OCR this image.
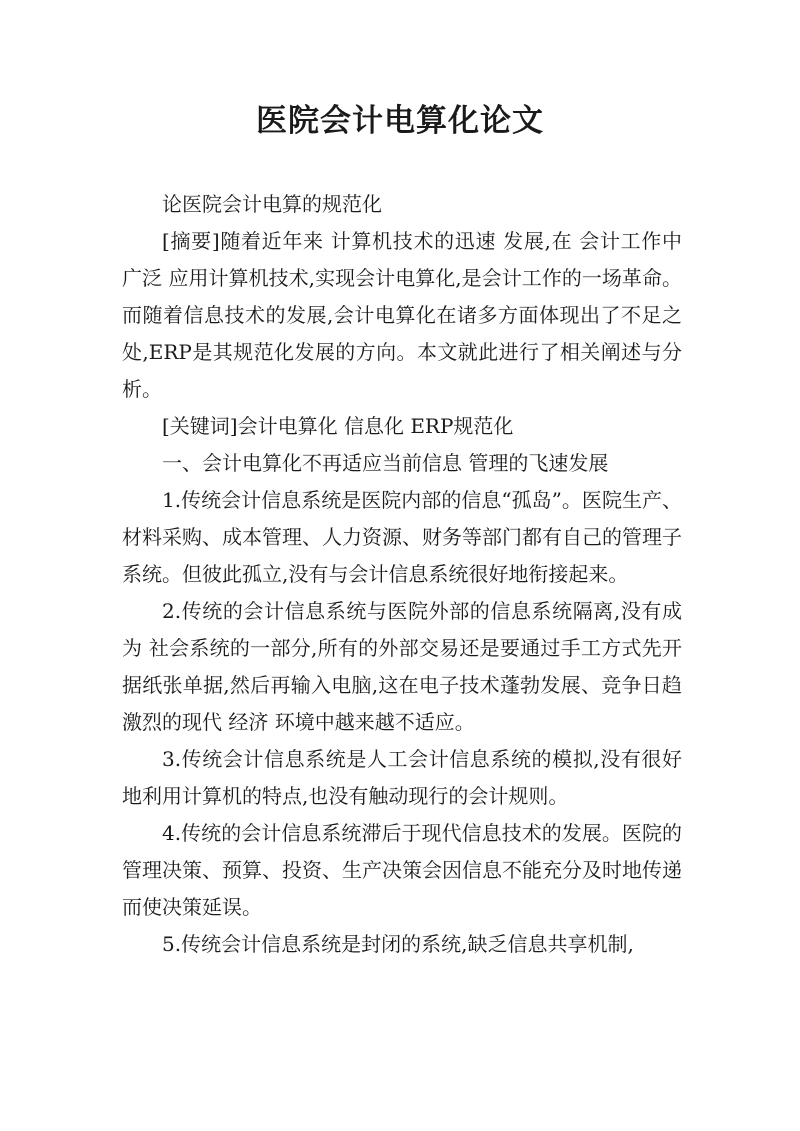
医院会计电算化论文

论医院会计电算的规范化

[摘要]随着近年来 计算机技术的迅速 发展,在 会计工作中广泛 应用计算机技术,实现会计电算化,是会计工作的一场革命。而随着信息技术的发展,会计电算化在诸多方面体现出了不足之处,ERP是其规范化发展的方向。本文就此进行了相关阐述与分析。

[关键词]会计电算化 信息化 ERP规范化

一、会计电算化不再适应当前信息 管理的飞速发展

1.传统会计信息系统是医院内部的信息“孤岛”。医院生产、材料采购、成本管理、人力资源、财务等部门都有自己的管理子系统。但彼此孤立,没有与会计信息系统很好地衔接起来。

2.传统的会计信息系统与医院外部的信息系统隔离,没有成为 社会系统的一部分,所有的外部交易还是要通过手工方式先开据纸张单据,然后再输入电脑,这在电子技术蓬勃发展、竞争日趋激烈的现代 经济 环境中越来越不适应。

3.传统会计信息系统是人工会计信息系统的模拟,没有很好地利用计算机的特点,也没有触动现行的会计规则。

4.传统的会计信息系统滞后于现代信息技术的发展。医院的管理决策、预算、投资、生产决策会因信息不能充分及时地传递而使决策延误。

5.传统会计信息系统是封闭的系统,缺乏信息共享机制,
